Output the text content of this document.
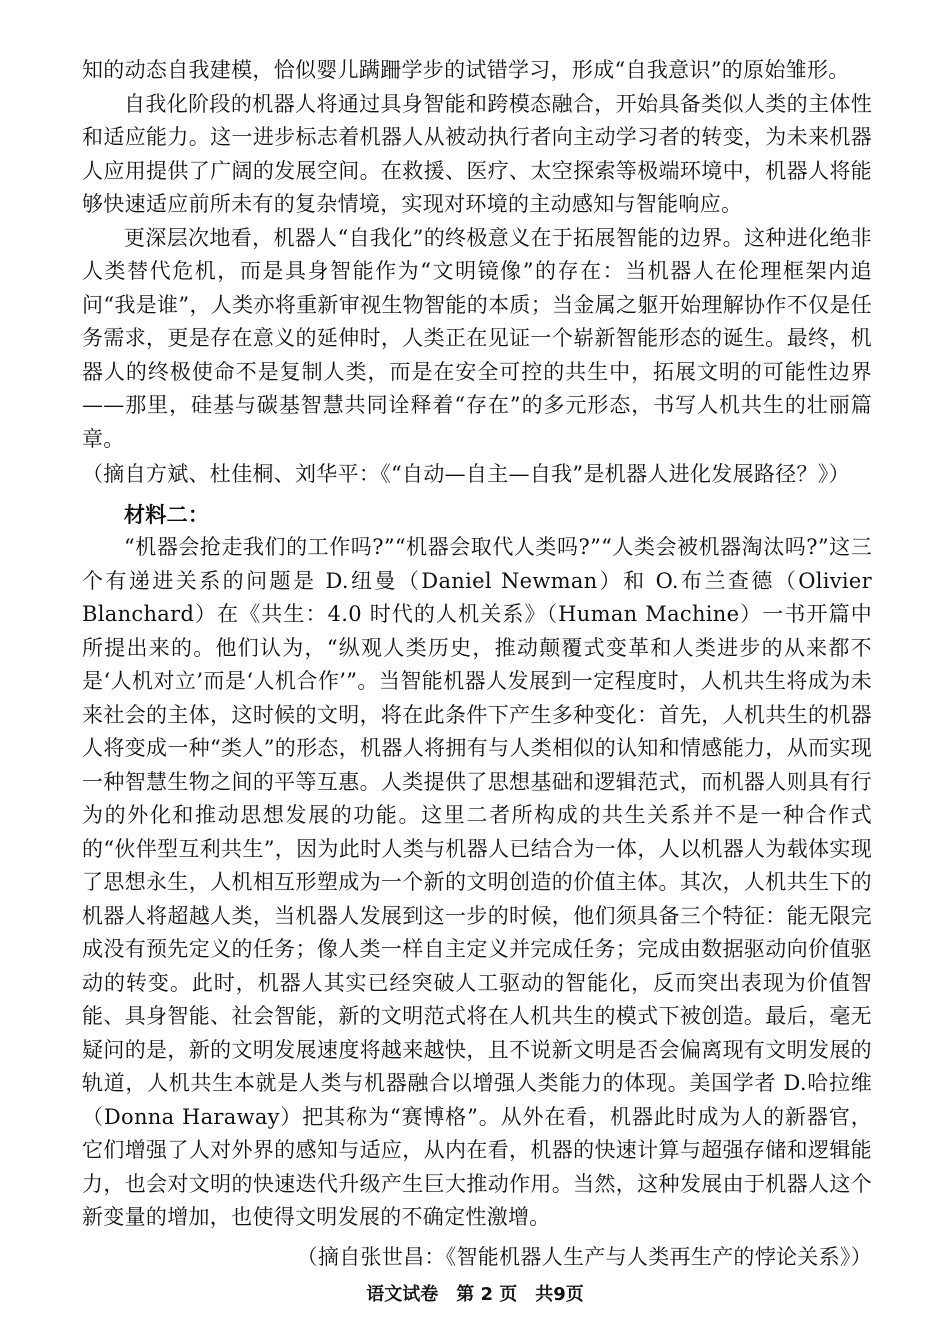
知的动态自我建模，恰似婴儿蹒跚学步的试错学习，形成“自我意识”的原始雏形。

自我化阶段的机器人将通过具身智能和跨模态融合，开始具备类似人类的主体性和适应能力。这一进步标志着机器人从被动执行者向主动学习者的转变，为未来机器人应用提供了广阔的发展空间。在救援、医疗、太空探索等极端环境中，机器人将能够快速适应前所未有的复杂情境，实现对环境的主动感知与智能响应。

更深层次地看，机器人“自我化”的终极意义在于拓展智能的边界。这种进化绝非人类替代危机，而是具身智能作为“文明镜像”的存在：当机器人在伦理框架内追问“我是谁”，人类亦将重新审视生物智能的本质；当金属之躯开始理解协作不仅是任务需求，更是存在意义的延伸时，人类正在见证一个崭新智能形态的诞生。最终，机器人的终极使命不是复制人类，而是在安全可控的共生中，拓展文明的可能性边界——那里，硅基与碳基智慧共同诠释着“存在”的多元形态，书写人机共生的壮丽篇章。

（摘自方斌、杜佳桐、刘华平：《“自动—自主—自我”是机器人进化发展路径？》）

材料二：

“机器会抢走我们的工作吗?”“机器会取代人类吗?”“人类会被机器淘汰吗?”这三个有递进关系的问题是 D.纽曼（Daniel Newman）和 O.布兰查德（Olivier Blanchard）在《共生：4.0 时代的人机关系》（Human Machine）一书开篇中所提出来的。他们认为，“纵观人类历史，推动颠覆式变革和人类进步的从来都不是‘人机对立’而是‘人机合作’”。当智能机器人发展到一定程度时，人机共生将成为未来社会的主体，这时候的文明，将在此条件下产生多种变化：首先，人机共生的机器人将变成一种“类人”的形态，机器人将拥有与人类相似的认知和情感能力，从而实现一种智慧生物之间的平等互惠。人类提供了思想基础和逻辑范式，而机器人则具有行为的外化和推动思想发展的功能。这里二者所构成的共生关系并不是一种合作式的“伙伴型互利共生”，因为此时人类与机器人已结合为一体，人以机器人为载体实现了思想永生，人机相互形塑成为一个新的文明创造的价值主体。其次，人机共生下的机器人将超越人类，当机器人发展到这一步的时候，他们须具备三个特征：能无限完成没有预先定义的任务；像人类一样自主定义并完成任务；完成由数据驱动向价值驱动的转变。此时，机器人其实已经突破人工驱动的智能化，反而突出表现为价值智能、具身智能、社会智能，新的文明范式将在人机共生的模式下被创造。最后，毫无疑问的是，新的文明发展速度将越来越快，且不说新文明是否会偏离现有文明发展的轨道，人机共生本就是人类与机器融合以增强人类能力的体现。美国学者 D.哈拉维（Donna Haraway）把其称为“赛博格”。从外在看，机器此时成为人的新器官，它们增强了人对外界的感知与适应，从内在看，机器的快速计算与超强存储和逻辑能力，也会对文明的快速迭代升级产生巨大推动作用。当然，这种发展由于机器人这个新变量的增加，也使得文明发展的不确定性激增。

（摘自张世昌：《智能机器人生产与人类再生产的悖论关系》）

语文试卷　第 2 页　共9页
